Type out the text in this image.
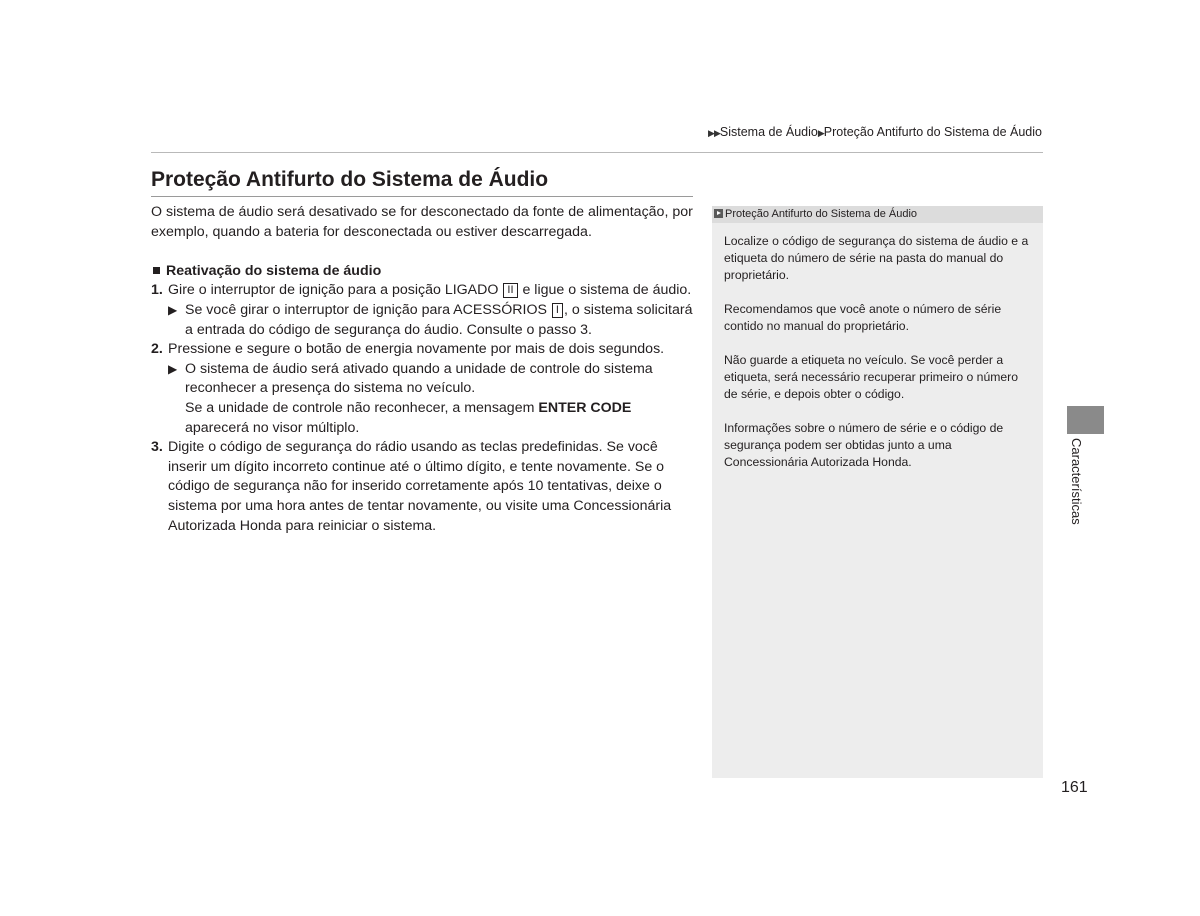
▶▶Sistema de Áudio▶Proteção Antifurto do Sistema de Áudio
Proteção Antifurto do Sistema de Áudio

O sistema de áudio será desativado se for desconectado da fonte de alimentação, por exemplo, quando a bateria for desconectada ou estiver descarregada.

Reativação do sistema de áudio

1. Gire o interruptor de ignição para a posição LIGADO II e ligue o sistema de áudio.
▶ Se você girar o interruptor de ignição para ACESSÓRIOS I , o sistema solicitará a entrada do código de segurança do áudio. Consulte o passo 3.
2. Pressione e segure o botão de energia novamente por mais de dois segundos.
▶ O sistema de áudio será ativado quando a unidade de controle do sistema reconhecer a presença do sistema no veículo.
Se a unidade de controle não reconhecer, a mensagem ENTER CODE aparecerá no visor múltiplo.
3. Digite o código de segurança do rádio usando as teclas predefinidas. Se você inserir um dígito incorreto continue até o último dígito, e tente novamente. Se o código de segurança não for inserido corretamente após 10 tentativas, deixe o sistema por uma hora antes de tentar novamente, ou visite uma Concessionária Autorizada Honda para reiniciar o sistema.
Proteção Antifurto do Sistema de Áudio

Localize o código de segurança do sistema de áudio e a etiqueta do número de série na pasta do manual do proprietário.

Recomendamos que você anote o número de série contido no manual do proprietário.

Não guarde a etiqueta no veículo. Se você perder a etiqueta, será necessário recuperar primeiro o número de série, e depois obter o código.

Informações sobre o número de série e o código de segurança podem ser obtidas junto a uma Concessionária Autorizada Honda.	Características
161
